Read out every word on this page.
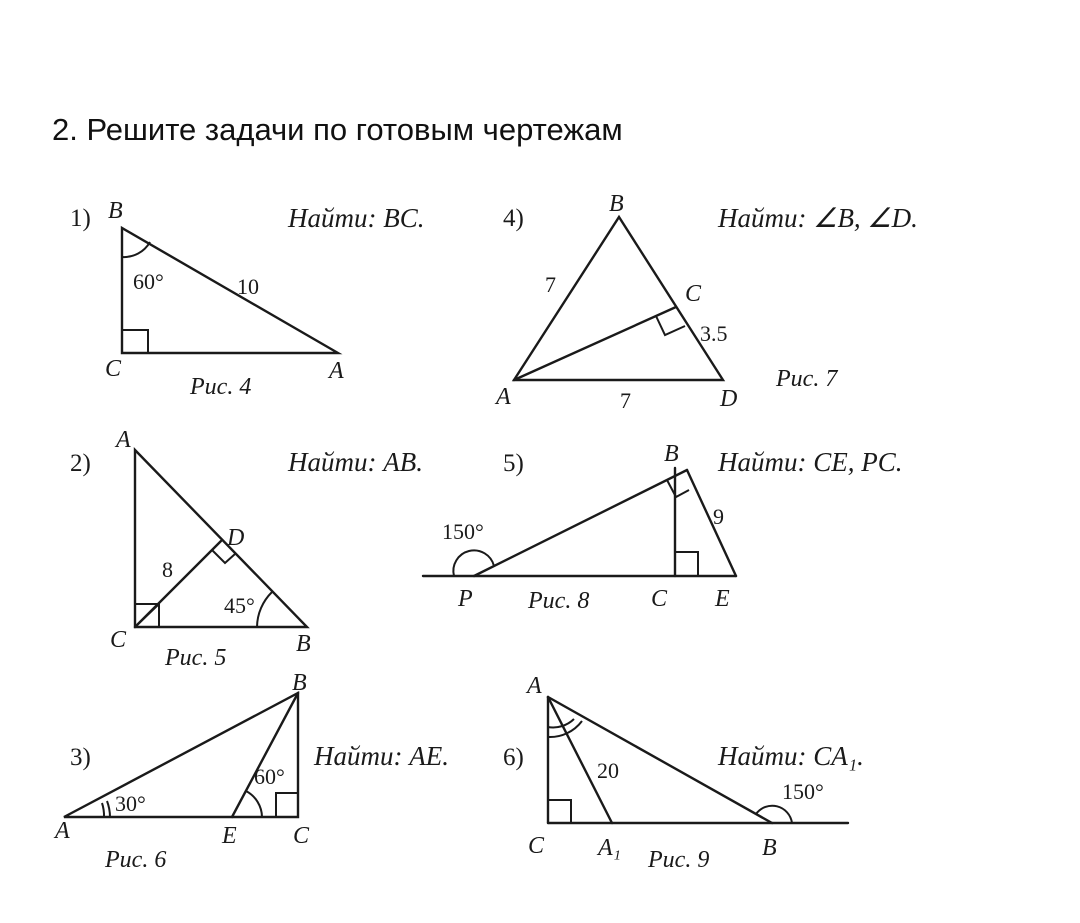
2. Решите задачи по готовым чертежам
1)	Найти: BC.
B
C	A
60°	10
Рис. 4
2)	Найти: AB.
A
D
C	B
8
45°
Рис. 5
3)	Найти: AE.
B
A	E C
30°
60°
Рис. 6
4)	Найти: ∠B, ∠D.
B
C
A	D
7
3.5
7
Рис. 7
5)	Найти: CE, PC.
B
P	C E
150°
9
Рис. 8
6)	Найти: CA₁.
A
C A₁	B
20
150°
Рис. 9
